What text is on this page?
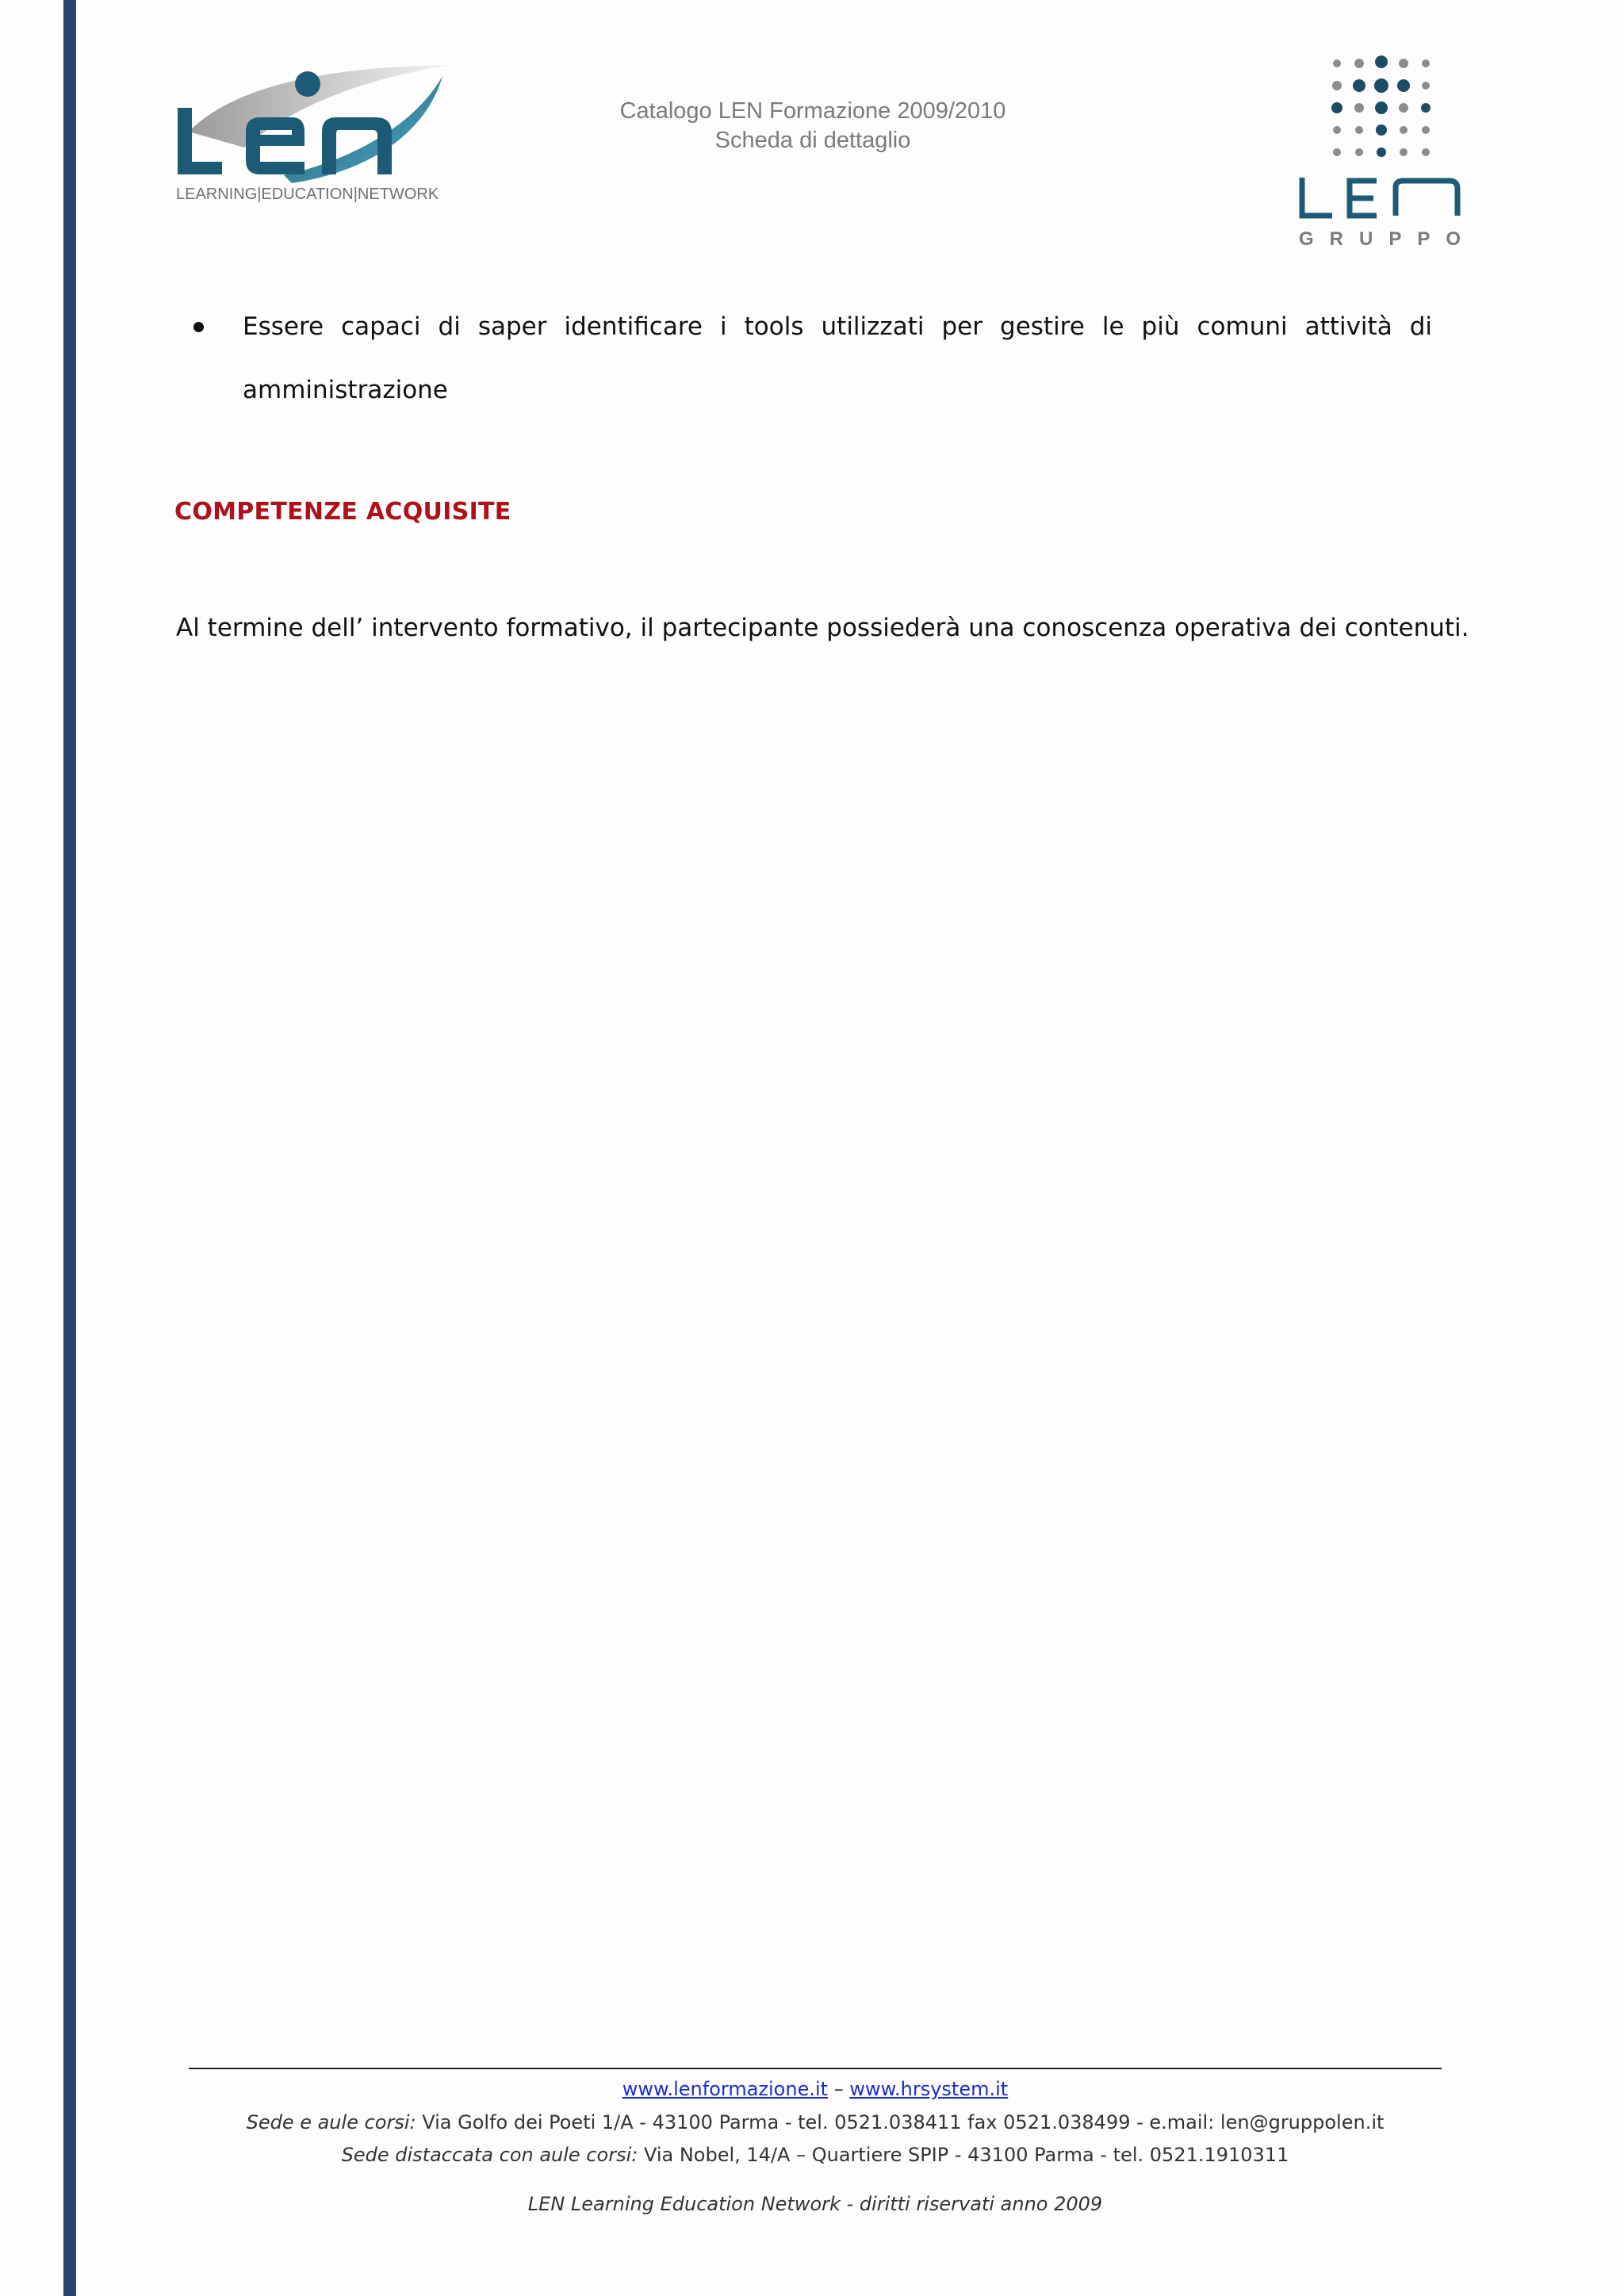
LEARNING|EDUCATION|NETWORK
Catalogo LEN Formazione 2009/2010
Scheda di dettaglio
GRUPPO
Essere capaci di saper identificare i tools utilizzati per gestire le più comuni attività di
amministrazione
COMPETENZE ACQUISITE
Al termine dell’ intervento formativo, il partecipante possiederà una conoscenza operativa dei contenuti.
www.lenformazione.it – www.hrsystem.it
Sede e aule corsi: Via Golfo dei Poeti 1/A - 43100 Parma - tel. 0521.038411 fax 0521.038499 - e.mail: len@gruppolen.it
Sede distaccata con aule corsi: Via Nobel, 14/A – Quartiere SPIP - 43100 Parma - tel. 0521.1910311
LEN Learning Education Network - diritti riservati anno 2009
